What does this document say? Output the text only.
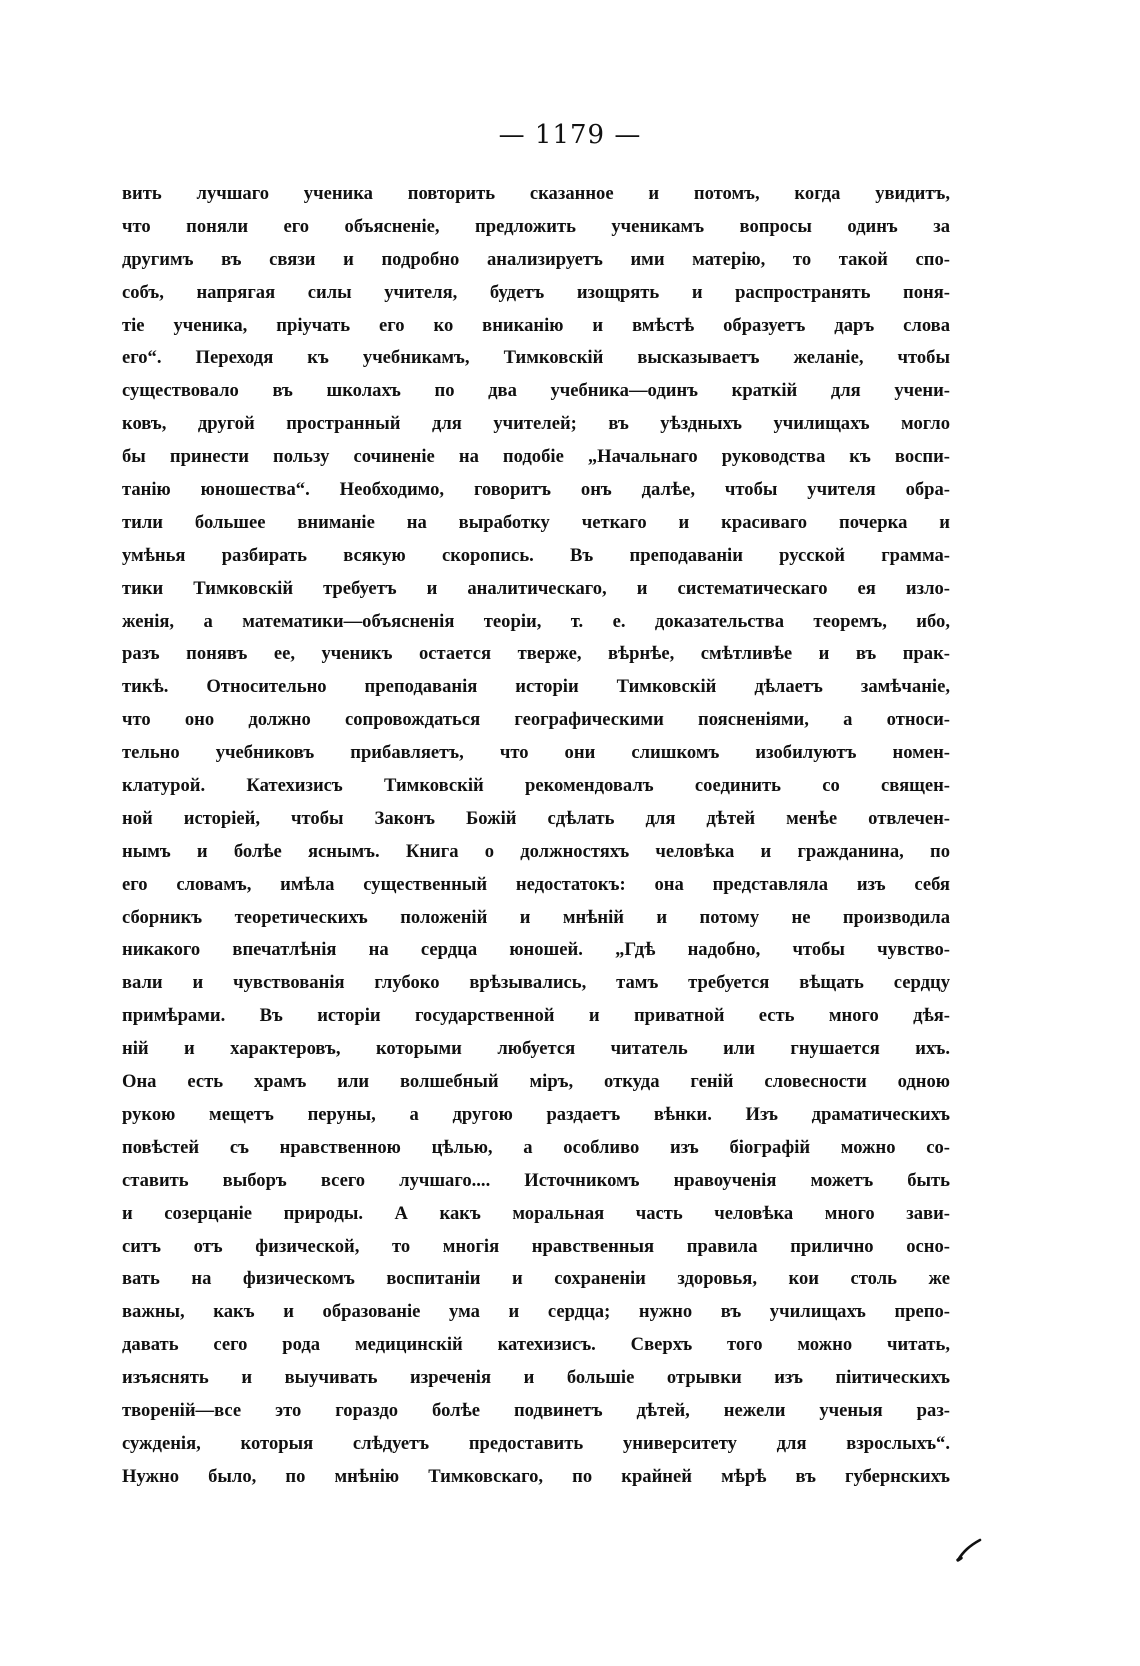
— 1179 —
вить лучшаго ученика повторить сказанное и потомъ, когда увидитъ,
что поняли его объясненіе, предложить ученикамъ вопросы одинъ за
другимъ въ связи и подробно анализируетъ ими матерію, то такой спо-
собъ, напрягая силы учителя, будетъ изощрять и распространять поня-
тіе ученика, пріучать его ко вниканію и вмѣстѣ образуетъ даръ слова
его“. Переходя къ учебникамъ, Тимковскій высказываетъ желаніе, чтобы
существовало въ школахъ по два учебника—одинъ краткій для учени-
ковъ, другой пространный для учителей; въ уѣздныхъ училищахъ могло
бы принести пользу сочиненіе на подобіе „Начальнаго руководства къ воспи-
танію юношества“. Необходимо, говоритъ онъ далѣе, чтобы учителя обра-
тили большее вниманіе на выработку четкаго и красиваго почерка и
умѣнья разбирать всякую скоропись. Въ преподаваніи русской грамма-
тики Тимковскій требуетъ и аналитическаго, и систематическаго ея изло-
женія, а математики—объясненія теоріи, т. е. доказательства теоремъ, ибо,
разъ понявъ ее, ученикъ остается тверже, вѣрнѣе, смѣтливѣе и въ прак-
тикѣ. Относительно преподаванія исторіи Тимковскій дѣлаетъ замѣчаніе,
что оно должно сопровождаться географическими поясненіями, а относи-
тельно учебниковъ прибавляетъ, что они слишкомъ изобилуютъ номен-
клатурой. Катехизисъ Тимковскій рекомендовалъ соединить со священ-
ной исторіей, чтобы Законъ Божій сдѣлать для дѣтей менѣе отвлечен-
нымъ и болѣе яснымъ. Книга о должностяхъ человѣка и гражданина, по
его словамъ, имѣла существенный недостатокъ: она представляла изъ себя
сборникъ теоретическихъ положеній и мнѣній и потому не производила
никакого впечатлѣнія на сердца юношей. „Гдѣ надобно, чтобы чувство-
вали и чувствованія глубоко врѣзывались, тамъ требуется вѣщать сердцу
примѣрами. Въ исторіи государственной и приватной есть много дѣя-
ній и характеровъ, которыми любуется читатель или гнушается ихъ.
Она есть храмъ или волшебный міръ, откуда геній словесности одною
рукою мещетъ перуны, а другою раздаетъ вѣнки. Изъ драматическихъ
повѣстей съ нравственною цѣлью, а особливо изъ біографій можно со-
ставить выборъ всего лучшаго.... Источникомъ нравоученія можетъ быть
и созерцаніе природы. А какъ моральная часть человѣка много зави-
ситъ отъ физической, то многія нравственныя правила прилично осно-
вать на физическомъ воспитаніи и сохраненіи здоровья, кои столь же
важны, какъ и образованіе ума и сердца; нужно въ училищахъ препо-
давать сего рода медицинскій катехизисъ. Сверхъ того можно читать,
изъяснять и выучивать изреченія и большіе отрывки изъ піитическихъ
твореній—все это гораздо болѣе подвинетъ дѣтей, нежели ученыя раз-
сужденія, которыя слѣдуетъ предоставить университету для взрослыхъ“.
Нужно было, по мнѣнію Тимковскаго, по крайней мѣрѣ въ губернскихъ
